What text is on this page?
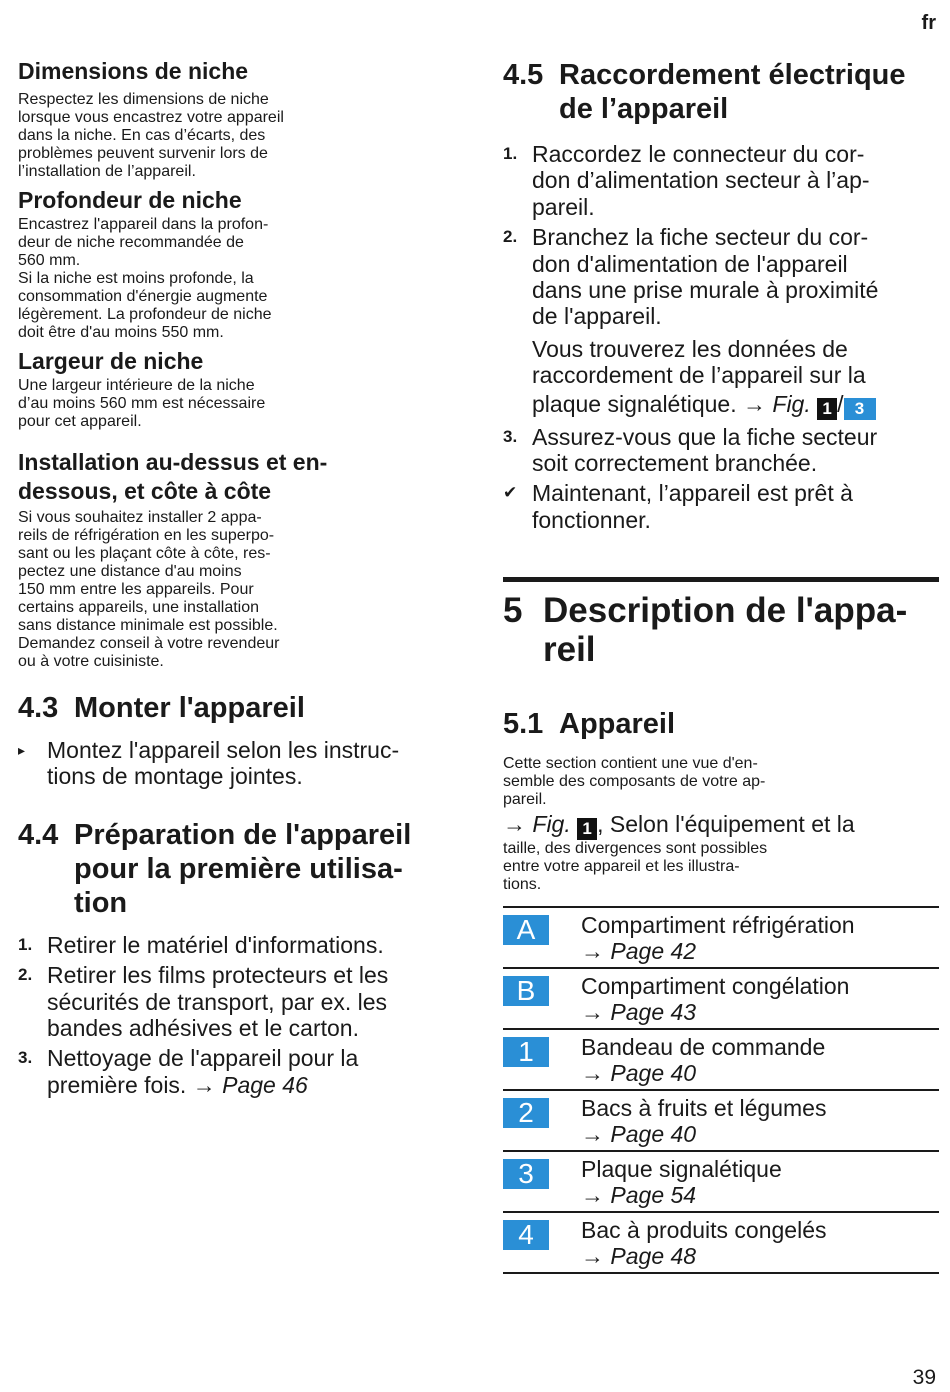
fr
Dimensions de niche
Respectez les dimensions de niche
lorsque vous encastrez votre appareil
dans la niche. En cas d’écarts, des
problèmes peuvent survenir lors de
l’installation de l’appareil.
Profondeur de niche
Encastrez l'appareil dans la profon-
deur de niche recommandée de
560 mm.
Si la niche est moins profonde, la
consommation d'énergie augmente
légèrement. La profondeur de niche
doit être d'au moins 550 mm.
Largeur de niche
Une largeur intérieure de la niche
d’au moins 560 mm est nécessaire
pour cet appareil.
Installation au-dessus et en-
dessous, et côte à côte
Si vous souhaitez installer 2 appa-
reils de réfrigération en les superpo-
sant ou les plaçant côte à côte, res-
pectez une distance d'au moins
150 mm entre les appareils. Pour
certains appareils, une installation
sans distance minimale est possible.
Demandez conseil à votre revendeur
ou à votre cuisiniste.
4.3 Monter l'appareil
▸ Montez l'appareil selon les instruc-
tions de montage jointes.
4.4 Préparation de l'appareil
pour la première utilisa-
tion
1. Retirer le matériel d'informations.
2. Retirer les films protecteurs et les
sécurités de transport, par ex. les
bandes adhésives et le carton.
3. Nettoyage de l'appareil pour la
première fois. → Page 46
4.5 Raccordement électrique
de l’appareil
1. Raccordez le connecteur du cor-
don d’alimentation secteur à l’ap-
pareil.
2. Branchez la fiche secteur du cor-
don d'alimentation de l'appareil
dans une prise murale à proximité
de l'appareil.
Vous trouverez les données de
raccordement de l’appareil sur la
plaque signalétique. → Fig. 1 / 3
3. Assurez-vous que la fiche secteur
soit correctement branchée.
✔ Maintenant, l’appareil est prêt à
fonctionner.
5 Description de l'appa-
reil
5.1 Appareil
Cette section contient une vue d'en-
semble des composants de votre ap-
pareil.
→ Fig. 1 , Selon l'équipement et la
taille, des divergences sont possibles
entre votre appareil et les illustra-
tions.
A	Compartiment réfrigération
→ Page 42

B	Compartiment congélation
→ Page 43

1	Bandeau de commande
→ Page 40

2	Bacs à fruits et légumes
→ Page 40

3	Plaque signalétique
→ Page 54

4	Bac à produits congelés
→ Page 48
39
